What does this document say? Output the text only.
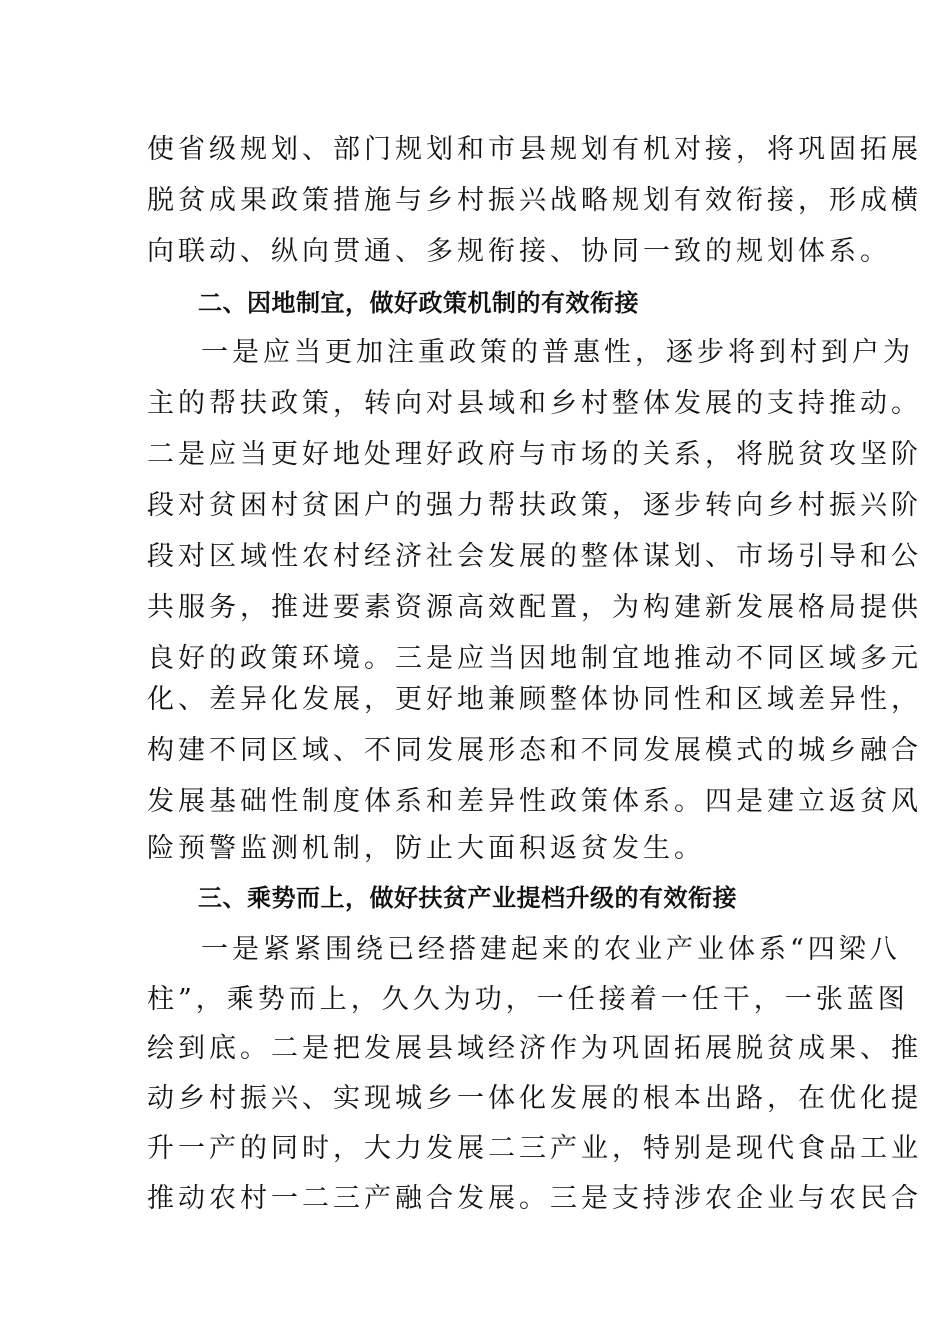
使省级规划、部门规划和市县规划有机对接，将巩固拓展
脱贫成果政策措施与乡村振兴战略规划有效衔接，形成横
向联动、纵向贯通、多规衔接、协同一致的规划体系。
二、因地制宜，做好政策机制的有效衔接
一是应当更加注重政策的普惠性，逐步将到村到户为
主的帮扶政策，转向对县域和乡村整体发展的支持推动。
二是应当更好地处理好政府与市场的关系，将脱贫攻坚阶
段对贫困村贫困户的强力帮扶政策，逐步转向乡村振兴阶
段对区域性农村经济社会发展的整体谋划、市场引导和公
共服务，推进要素资源高效配置，为构建新发展格局提供
良好的政策环境。三是应当因地制宜地推动不同区域多元
化、差异化发展，更好地兼顾整体协同性和区域差异性，
构建不同区域、不同发展形态和不同发展模式的城乡融合
发展基础性制度体系和差异性政策体系。四是建立返贫风
险预警监测机制，防止大面积返贫发生。
三、乘势而上，做好扶贫产业提档升级的有效衔接
一是紧紧围绕已经搭建起来的农业产业体系“四梁八
柱”，乘势而上，久久为功，一任接着一任干，一张蓝图
绘到底。二是把发展县域经济作为巩固拓展脱贫成果、推
动乡村振兴、实现城乡一体化发展的根本出路，在优化提
升一产的同时，大力发展二三产业，特别是现代食品工业
推动农村一二三产融合发展。三是支持涉农企业与农民合
